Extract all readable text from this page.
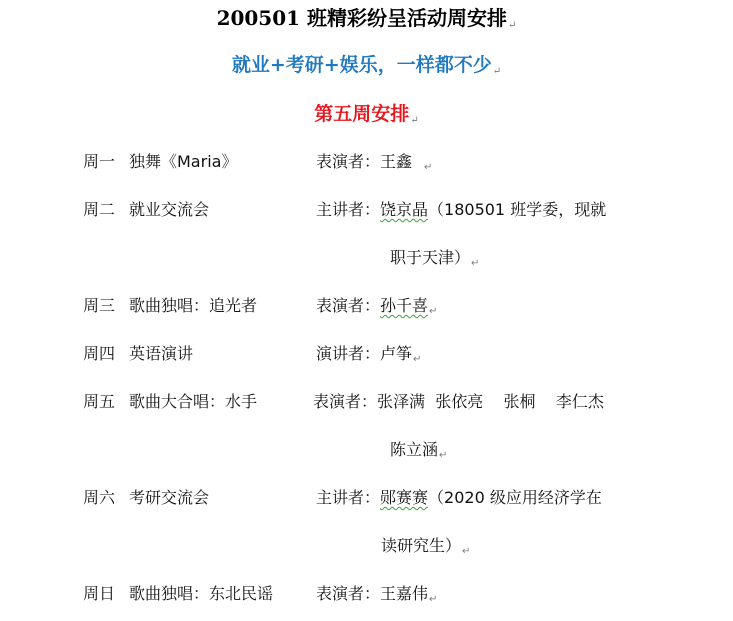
200501 班精彩纷呈活动周安排↵
就业+考研+娱乐，一样都不少↵
第五周安排↵
周一 独舞《Maria》	表演者：王鑫 ↵
周二 就业交流会	主讲者：饶京晶（180501 班学委，现就
职于天津）↵
周三 歌曲独唱：追光者	表演者：孙千喜↵
周四 英语演讲	演讲者：卢筝↵
周五 歌曲大合唱：水手	表演者：张泽满  张依亮    张桐    李仁杰
陈立涵↵
周六 考研交流会	主讲者：郧赛赛（2020 级应用经济学在
读研究生）↵
周日 歌曲独唱：东北民谣	表演者：王嘉伟↵
